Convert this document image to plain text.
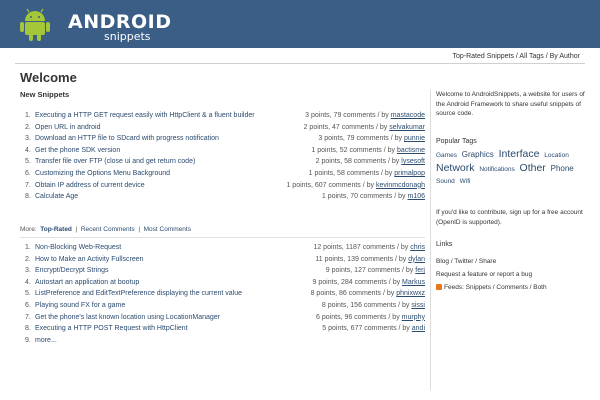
ANDROID
snippets
Top-Rated Snippets / All Tags / By Author
Welcome
New Snippets
1. Executing a HTTP GET request easily with HttpClient & a fluent builder	3 points, 79 comments / by mastacode
2. Open URL in android	2 points, 47 comments / by selvakumar
3. Download an HTTP file to SDcard with progress notification	3 points, 79 comments / by punnie
4. Get the phone SDK version	1 points, 52 comments / by bactisme
5. Transfer file over FTP (close ui and get return code)	2 points, 58 comments / by lysesoft
6. Customizing the Options Menu Background	1 points, 58 comments / by primalpop
7. Obtain IP address of current device	1 points, 607 comments / by kevinmcdonagh
8. Calculate Age	1 points, 70 comments / by m106
More: Top-Rated | Recent Comments | Most Comments
1. Non-Blocking Web-Request	12 points, 1187 comments / by chris
2. How to Make an Activity Fullscreen	11 points, 139 comments / by dylan
3. Encrypt/Decrypt Strings	9 points, 127 comments / by ferj
4. Autostart an application at bootup	9 points, 284 comments / by Markus
5. ListPreference and EditTextPreference displaying the current value	8 points, 86 comments / by phnixwxz
6. Playing sound FX for a game	8 points, 156 comments / by sissi
7. Get the phone's last known location using LocationManager	6 points, 96 comments / by murphy
8. Executing a HTTP POST Request with HttpClient	5 points, 677 comments / by andi
9. more...

Welcome to AndroidSnippets, a website for users of the Android Framework to share useful snippets of source code.

Popular Tags
Games Graphics Interface Location Network Notifications Other Phone Sound Wifi

If you'd like to contribute, sign up for a free account (OpenID is supported).

Links
Blog / Twitter / Share
Request a feature or report a bug
Feeds: Snippets / Comments / Both
